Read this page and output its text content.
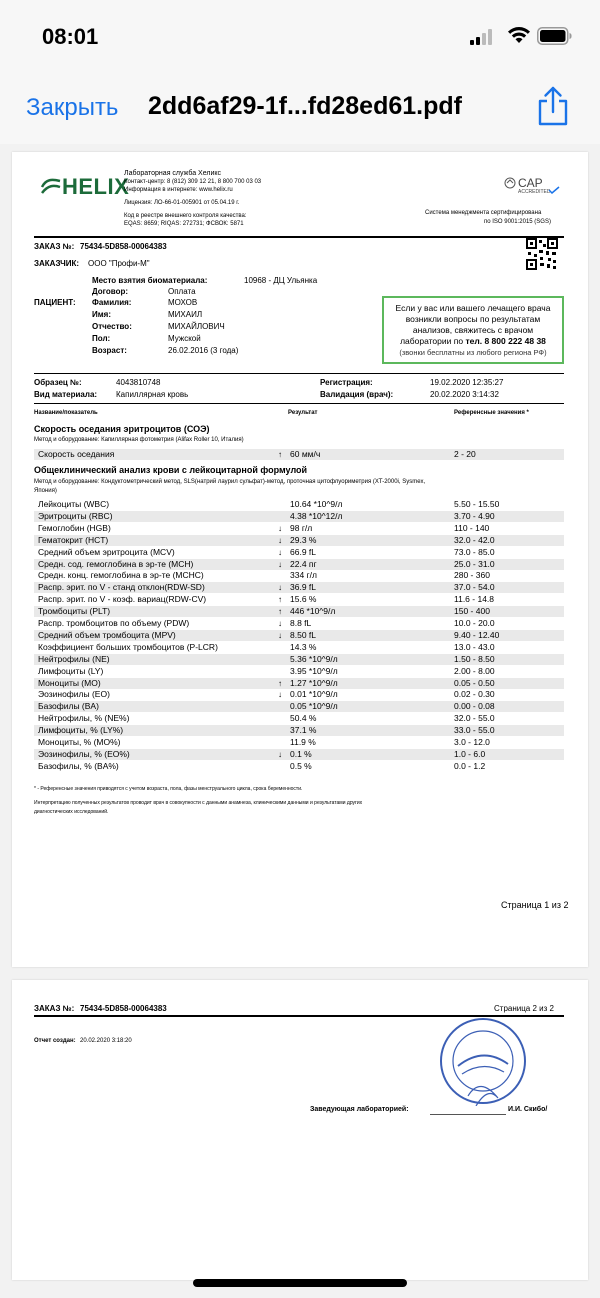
08:01
Закрыть 2dd6af29-1f...fd28ed61.pdf
HELIX
Лабораторная служба Хеликс
Контакт-центр: 8 (812) 309 12 21, 8 800 700 03 03
Информация в интернете: www.helix.ru
Лицензия: ЛО-66-01-005901 от 05.04.19 г.
Код в реестре внешнего контроля качества:
EQAS: 8659; RIQAS: 272731; ФСВОК: 5871
CAP
ACCREDITED
Система менеджмента сертифицирована
по ISO 9001:2015 (SGS)
ЗАКАЗ №: 75434-5D858-00064383
ЗАКАЗЧИК: ООО "Профи-М"
ПАЦИЕНТ:
Место взятия биоматериала:	10968 - ДЦ Ульянка
Договор:	Оплата
Фамилия:	МОХОВ
Имя:	МИХАИЛ
Отчество:	МИХАЙЛОВИЧ
Пол:	Мужской
Возраст:	26.02.2016 (3 года)
Если у вас или вашего лечащего врача
возникли вопросы по результатам
анализов, свяжитесь с врачом
лаборатории по тел. 8 800 222 48 38
(звонки бесплатны из любого региона РФ)
Образец №:	4043810748
Вид материала: Капиллярная кровь
Регистрация:	19.02.2020 12:35:27
Валидация (врач):	20.02.2020 3:14:32
Название/показатель	Результат	Референсные значения *
Скорость оседания эритроцитов (СОЭ)
Метод и оборудование: Капиллярная фотометрия (Alifax Roller 10, Италия)
Скорость оседания	↑ 60 мм/ч	2 - 20
Общеклинический анализ крови с лейкоцитарной формулой
Метод и оборудование: Кондуктометрический метод, SLS(натрий лаурил сульфат)-метод, проточная цитофлуориметрия (XT-2000i, Sysmex,
Япония)
Лейкоциты (WBC)	10.64 *10^9/л	5.50 - 15.50
Эритроциты (RBC)	4.38 *10^12/л	3.70 - 4.90
Гемоглобин (HGB)	↓ 98 г/л	110 - 140
Гематокрит (HCT)	↓ 29.3 %	32.0 - 42.0
Средний объем эритроцита (MCV)	↓ 66.9 fL	73.0 - 85.0
Средн. сод. гемоглобина в эр-те (MCH)	↓ 22.4 пг	25.0 - 31.0
Средн. конц. гемоглобина в эр-те (MCHC)	334 г/л	280 - 360
Распр. эрит. по V - станд отклон(RDW-SD)	↓ 36.9 fL	37.0 - 54.0
Распр. эрит. по V - коэф. вариац(RDW-CV)	↑ 15.6 %	11.6 - 14.8
Тромбоциты (PLT)	↑ 446 *10^9/л	150 - 400
Распр. тромбоцитов по объему (PDW)	↓ 8.8 fL	10.0 - 20.0
Средний объем тромбоцита (MPV)	↓ 8.50 fL	9.40 - 12.40
Коэффициент больших тромбоцитов (P-LCR)	14.3 %	13.0 - 43.0
Нейтрофилы (NE)	5.36 *10^9/л	1.50 - 8.50
Лимфоциты (LY)	3.95 *10^9/л	2.00 - 8.00
Моноциты (MO)	↑ 1.27 *10^9/л	0.05 - 0.50
Эозинофилы (EO)	↓ 0.01 *10^9/л	0.02 - 0.30
Базофилы (BA)	0.05 *10^9/л	0.00 - 0.08
Нейтрофилы, % (NE%)	50.4 %	32.0 - 55.0
Лимфоциты, % (LY%)	37.1 %	33.0 - 55.0
Моноциты, % (MO%)	11.9 %	3.0 - 12.0
Эозинофилы, % (EO%)	↓ 0.1 %	1.0 - 6.0
Базофилы, % (BA%)	0.5 %	0.0 - 1.2
* - Референсные значения приводятся с учетом возраста, пола, фазы менструального цикла, срока беременности.
Интерпретацию полученных результатов проводит врач в совокупности с данными анамнеза, клиническими данными и результатами других
диагностических исследований.
Страница 1 из 2
ЗАКАЗ №: 75434-5D858-00064383	Страница 2 из 2
Отчет создан: 20.02.2020 3:18:20
Заведующая лабораторией:	И.И. Скибо/
